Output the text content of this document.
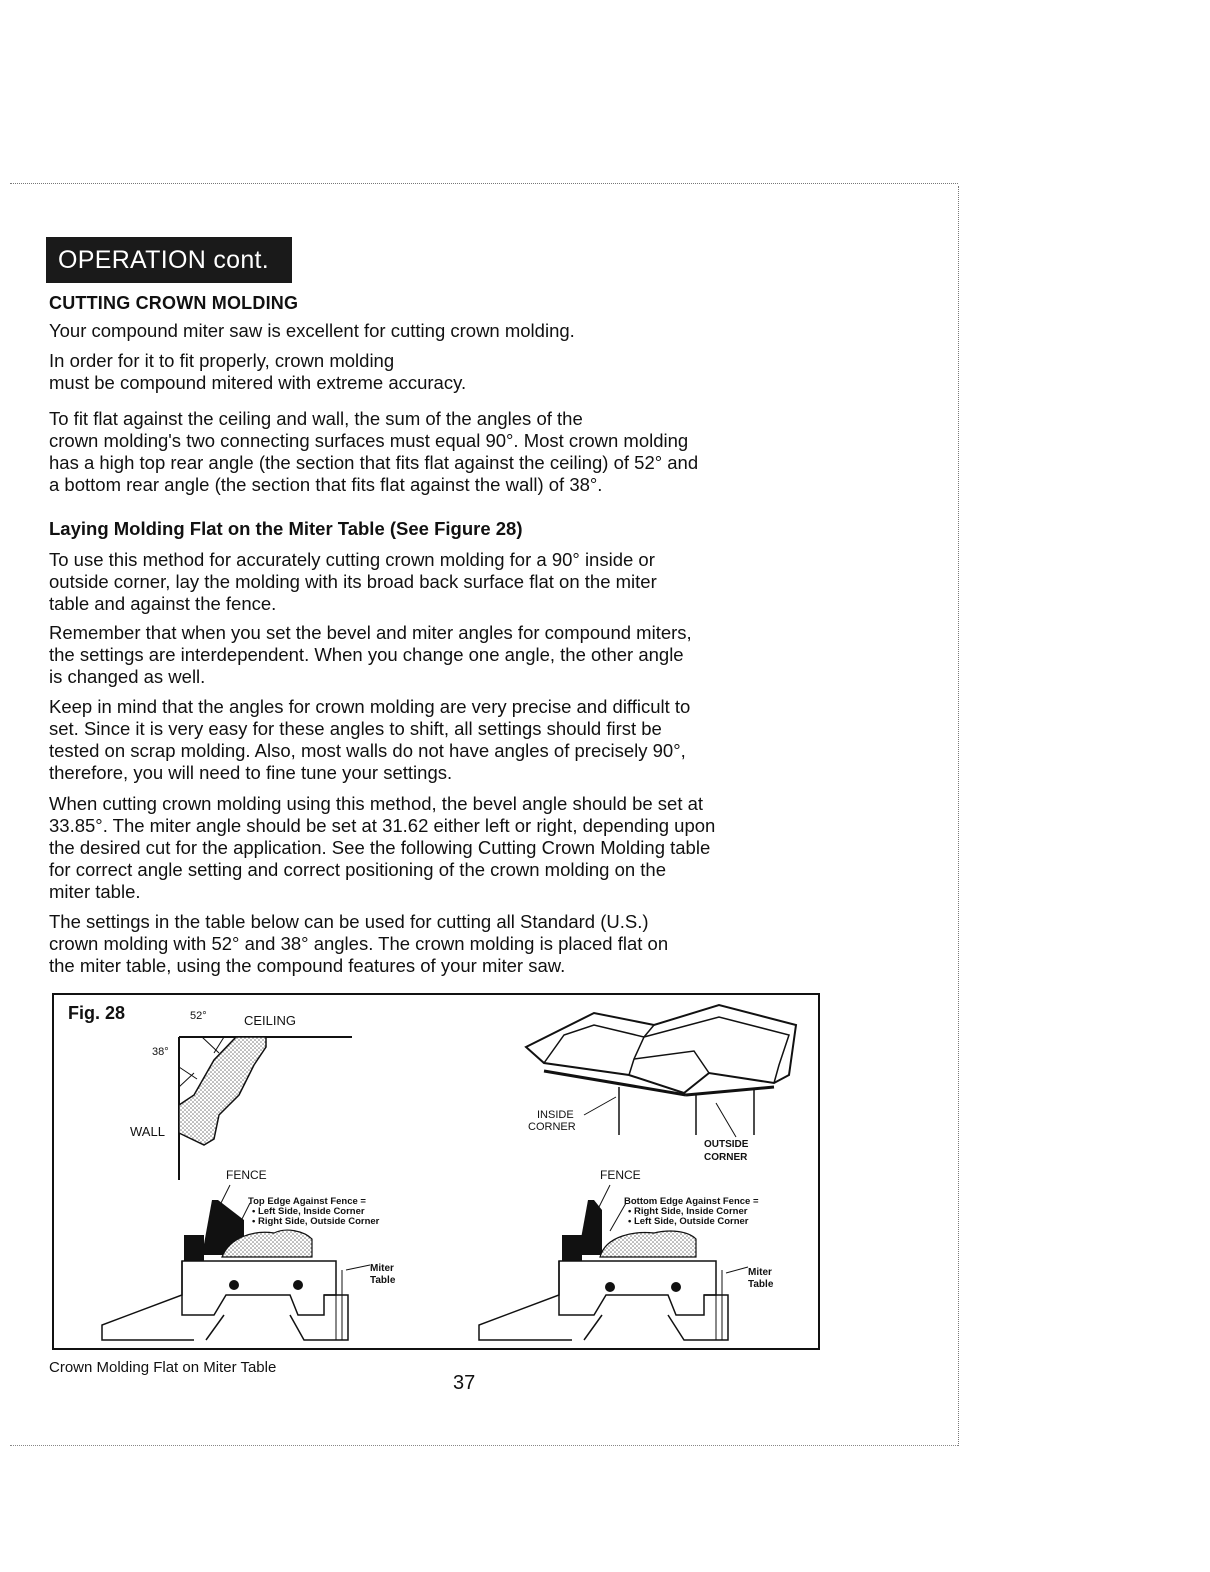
OPERATION cont.
CUTTING CROWN MOLDING
Your compound miter saw is excellent for cutting crown molding.
In order for it to fit properly, crown molding
must be compound mitered with extreme accuracy.
To fit flat against the ceiling and wall, the sum of the angles of the
crown molding's two connecting surfaces must equal 90°. Most crown molding
has a high top rear angle (the section that fits flat against the ceiling) of 52° and
a bottom rear angle (the section that fits flat against the wall) of 38°.
Laying Molding Flat on the Miter Table (See Figure 28)
To use this method for accurately cutting crown molding for a 90° inside or
outside corner, lay the molding with its broad back surface flat on the miter
table and against the fence.
Remember that when you set the bevel and miter angles for compound miters,
the settings are interdependent. When you change one angle, the other angle
is changed as well.
Keep in mind that the angles for crown molding are very precise and difficult to
set. Since it is very easy for these angles to shift, all settings should first be
tested on scrap molding. Also, most walls do not have angles of precisely 90°,
therefore, you will need to fine tune your settings.
When cutting crown molding using this method, the bevel angle should be set at
33.85°. The miter angle should be set at 31.62 either left or right, depending upon
the desired cut for the application. See the following Cutting Crown Molding table
for correct angle setting and correct positioning of the crown molding on the
miter table.
The settings in the table below can be used for cutting all Standard (U.S.)
crown molding with 52° and 38° angles. The crown molding is placed flat on
the miter table, using the compound features of your miter saw.
Fig. 28	52°	CEILING
38°
WALL
INSIDE
CORNER
OUTSIDE
CORNER
FENCE
Top Edge Against Fence =
• Left Side, Inside Corner
• Right Side, Outside Corner
Miter
Table
FENCE
Bottom Edge Against Fence =
• Right Side, Inside Corner
• Left Side, Outside Corner
Miter
Table
Crown Molding Flat on Miter Table
37
